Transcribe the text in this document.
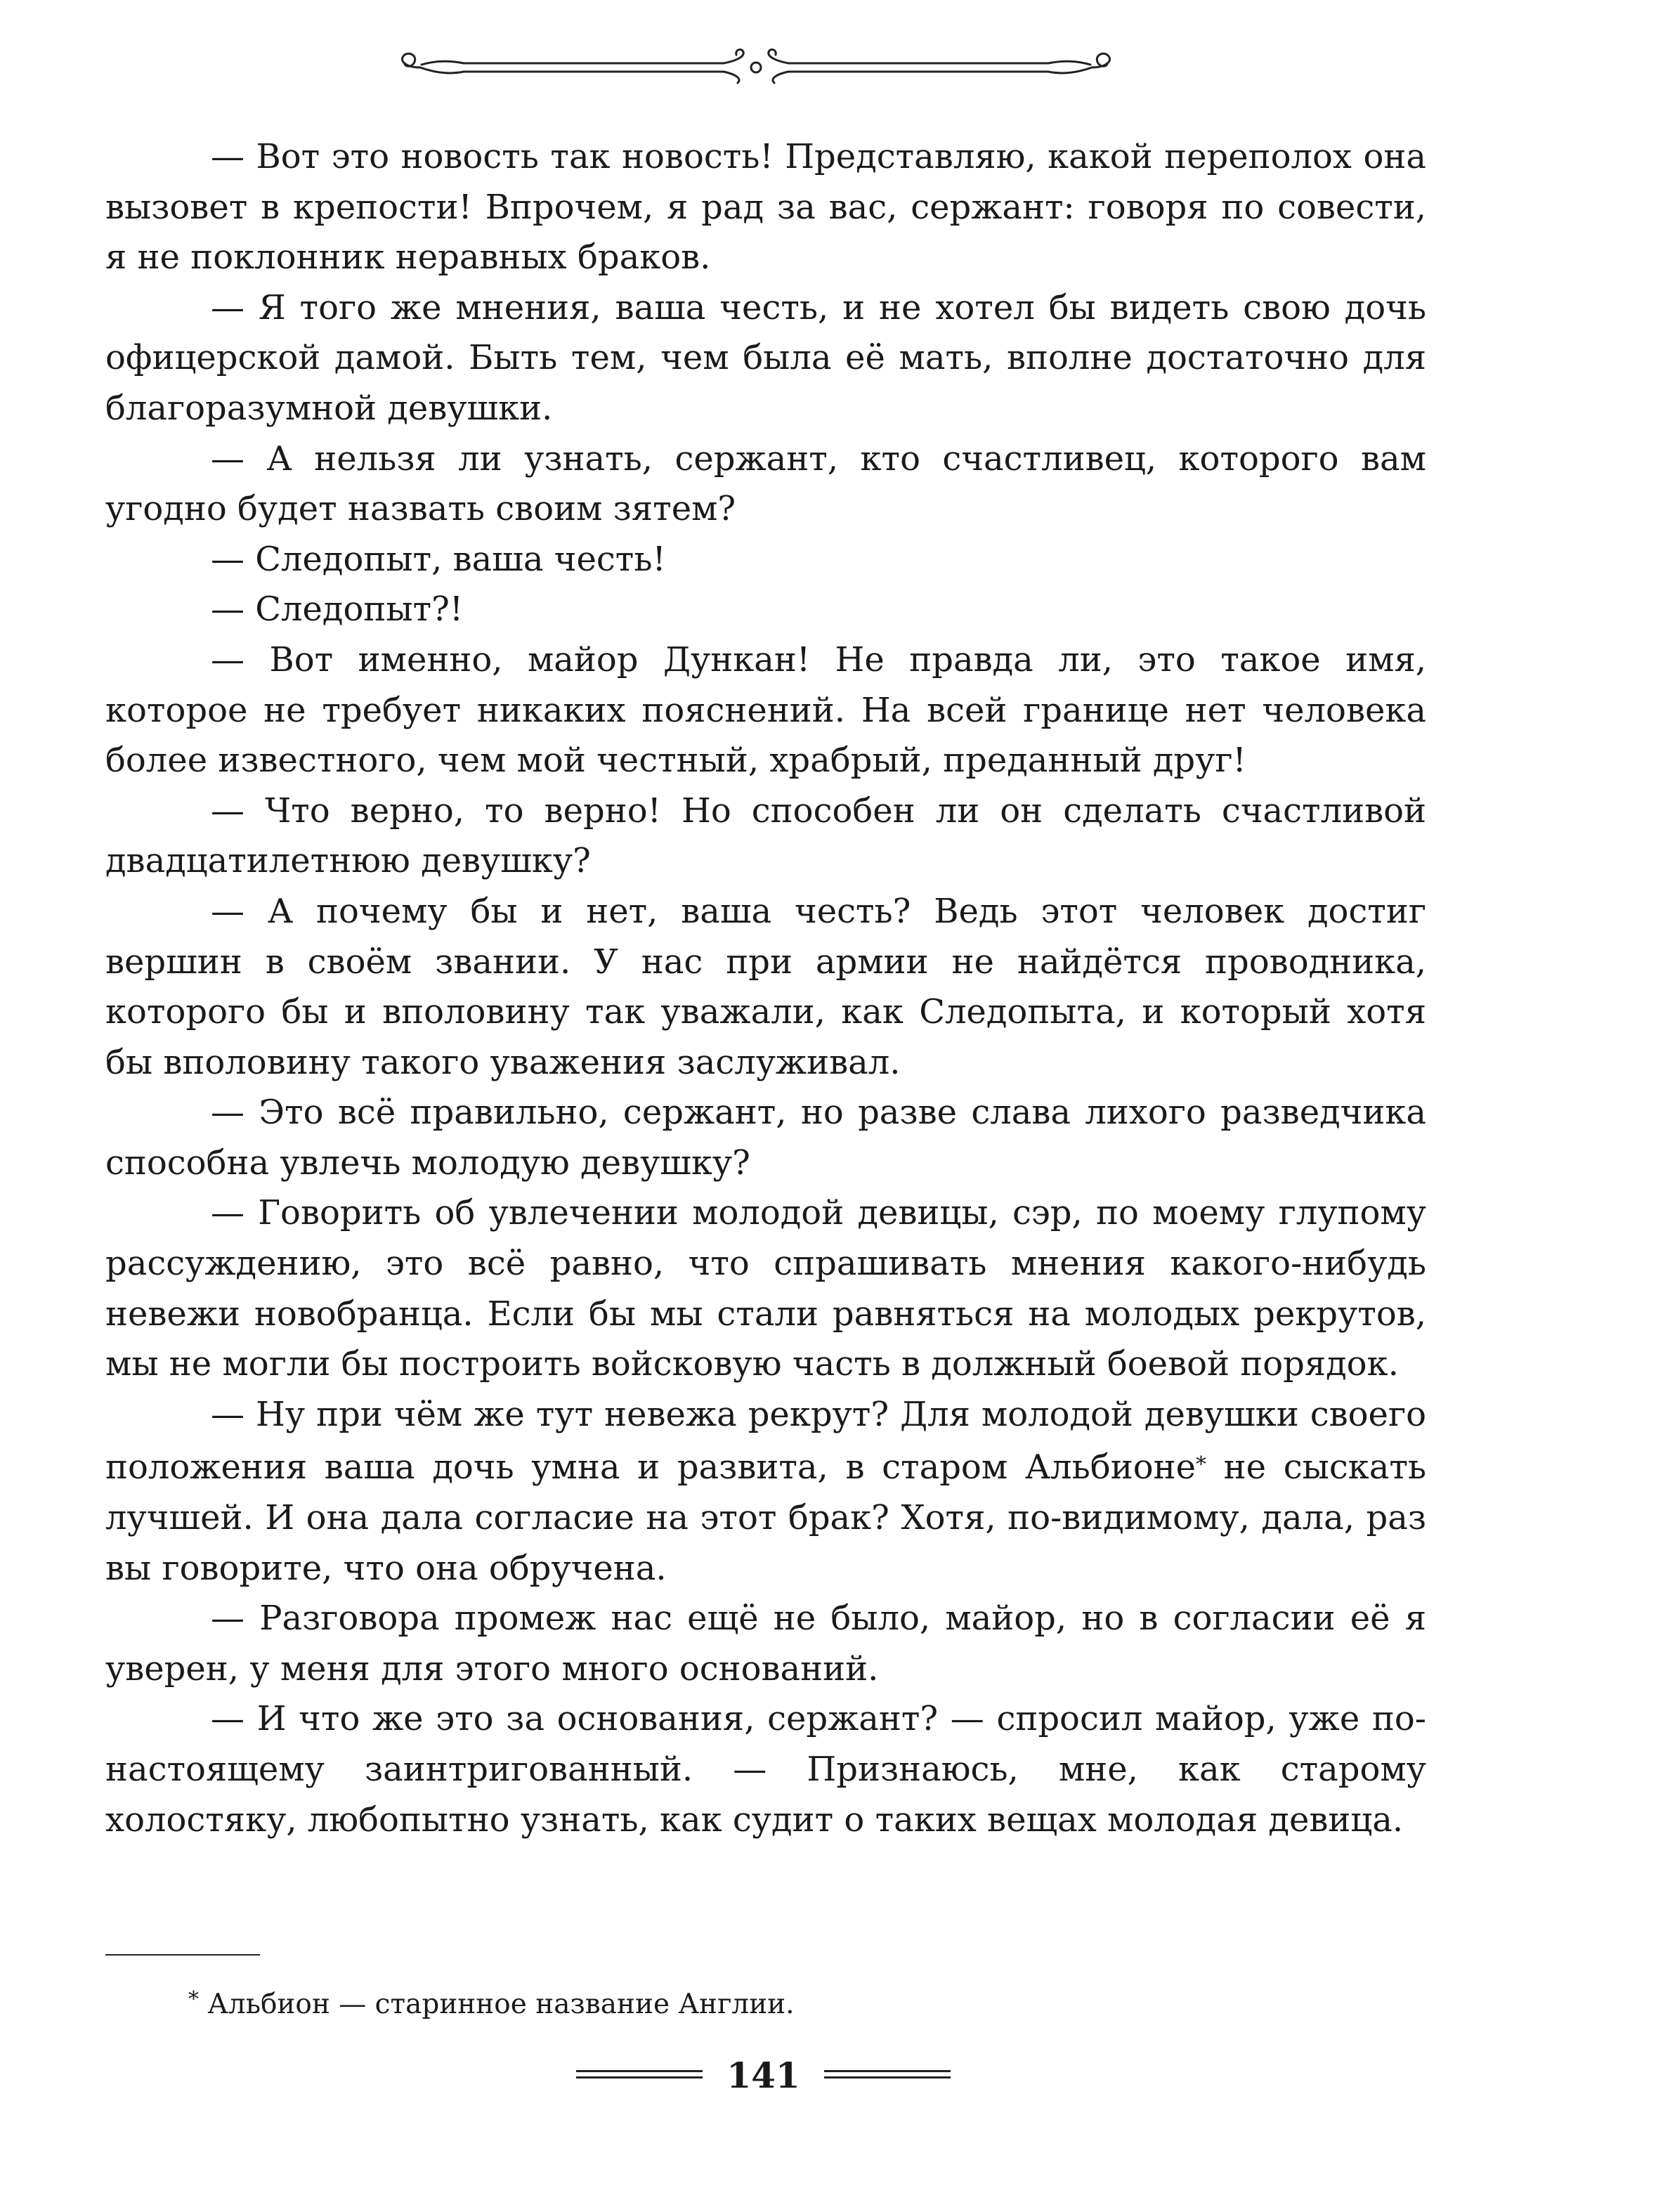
— Вот это новость так новость! Представляю, какой переполох она вызовет в крепости! Впрочем, я рад за вас, сержант: говоря по совести, я не поклонник неравных браков.

— Я того же мнения, ваша честь, и не хотел бы видеть свою дочь офицерской дамой. Быть тем, чем была её мать, вполне достаточно для благоразумной девушки.

— А нельзя ли узнать, сержант, кто счастливец, которого вам угодно будет назвать своим зятем?

— Следопыт, ваша честь!

— Следопыт?!

— Вот именно, майор Дункан! Не правда ли, это такое имя, которое не требует никаких пояснений. На всей границе нет человека более известного, чем мой честный, храбрый, преданный друг!

— Что верно, то верно! Но способен ли он сделать счастливой двадцатилетнюю девушку?

— А почему бы и нет, ваша честь? Ведь этот человек достиг вершин в своём звании. У нас при армии не найдётся проводника, которого бы и вполовину так уважали, как Следопыта, и который хотя бы вполовину такого уважения заслуживал.

— Это всё правильно, сержант, но разве слава лихого разведчика способна увлечь молодую девушку?

— Говорить об увлечении молодой девицы, сэр, по моему глупому рассуждению, это всё равно, что спрашивать мнения какого-нибудь невежи новобранца. Если бы мы стали равняться на молодых рекрутов, мы не могли бы построить войсковую часть в должный боевой порядок.

— Ну при чём же тут невежа рекрут? Для молодой девушки своего положения ваша дочь умна и развита, в старом Альбионе* не сыскать лучшей. И она дала согласие на этот брак? Хотя, по-видимому, дала, раз вы говорите, что она обручена.

— Разговора промеж нас ещё не было, майор, но в согласии её я уверен, у меня для этого много оснований.

— И что же это за основания, сержант? — спросил майор, уже по-настоящему заинтригованный. — Признаюсь, мне, как старому холостяку, любопытно узнать, как судит о таких вещах молодая девица.

* Альбион — старинное название Англии.
141
